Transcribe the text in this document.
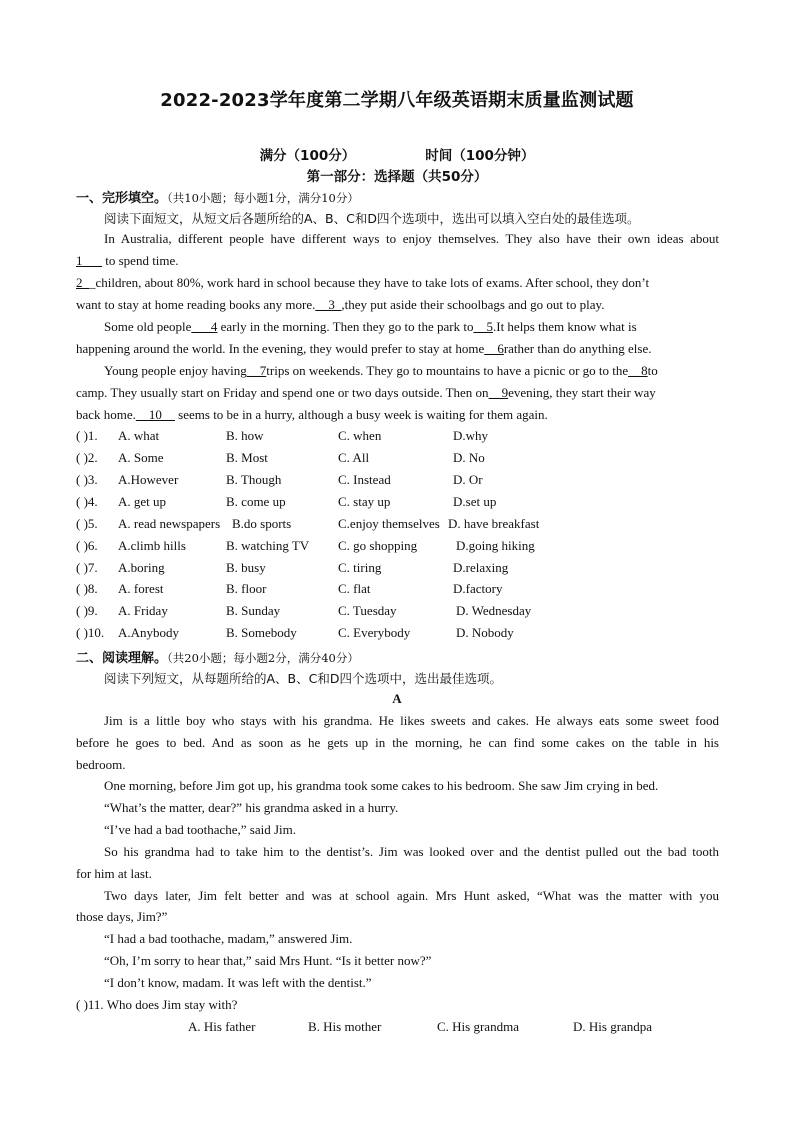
2022-2023学年度第二学期八年级英语期末质量监测试题
满分（100分）	时间（100分钟）
第一部分：选择题（共50分）
一、完形填空。（共10小题；每小题1分，满分10分）
阅读下面短文，从短文后各题所给的A、B、C和D四个选项中，选出可以填入空白处的最佳选项。
In Australia, different people have different ways to enjoy themselves. They also have their own ideas about
1___ to spend time.
2__children, about 80%, work hard in school because they have to take lots of exams. After school, they don’t
want to stay at home reading books any more.__3_,they put aside their schoolbags and go out to play.
Some old people___4 early in the morning. Then they go to the park to__5.It helps them know what is
happening around the world. In the evening, they would prefer to stay at home__6rather than do anything else.
Young people enjoy having__7trips on weekends. They go to mountains to have a picnic or go to the__8to
camp. They usually start on Friday and spend one or two days outside. Then on__9evening, they start their way
back home.__10__ seems to be in a hurry, although a busy week is waiting for them again.
( )1. A. what	B. how	C. when	D.why
( )2. A. Some	B. Most	C. All	D. No
( )3. A.However	B. Though	C. Instead	D. Or
( )4. A. get up	B. come up	C. stay up	D.set up
( )5. A. read newspapers B.do sports	C.enjoy themselves D. have breakfast
( )6. A.climb hills	B. watching TV C. go shopping	D.going hiking
( )7. A.boring	B. busy	C. tiring	D.relaxing
( )8. A. forest	B. floor	C. flat	D.factory
( )9. A. Friday	B. Sunday	C. Tuesday	D. Wednesday
( )10. A.Anybody	B. Somebody	C. Everybody	D. Nobody
二、阅读理解。（共20小题；每小题2分，满分40分）
阅读下列短文，从每题所给的A、B、C和D四个选项中，选出最佳选项。
A
Jim is a little boy who stays with his grandma. He likes sweets and cakes. He always eats some sweet food
before he goes to bed. And as soon as he gets up in the morning, he can find some cakes on the table in his
bedroom.
One morning, before Jim got up, his grandma took some cakes to his bedroom. She saw Jim crying in bed.
“What’s the matter, dear?” his grandma asked in a hurry.
“I’ve had a bad toothache,” said Jim.
So his grandma had to take him to the dentist’s. Jim was looked over and the dentist pulled out the bad tooth
for him at last.
Two days later, Jim felt better and was at school again. Mrs Hunt asked, “What was the matter with you
those days, Jim?”
“I had a bad toothache, madam,” answered Jim.
“Oh, I’m sorry to hear that,” said Mrs Hunt. “Is it better now?”
“I don’t know, madam. It was left with the dentist.”
( )11. Who does Jim stay with?
A. His father	B. His mother	C. His grandma	D. His grandpa
